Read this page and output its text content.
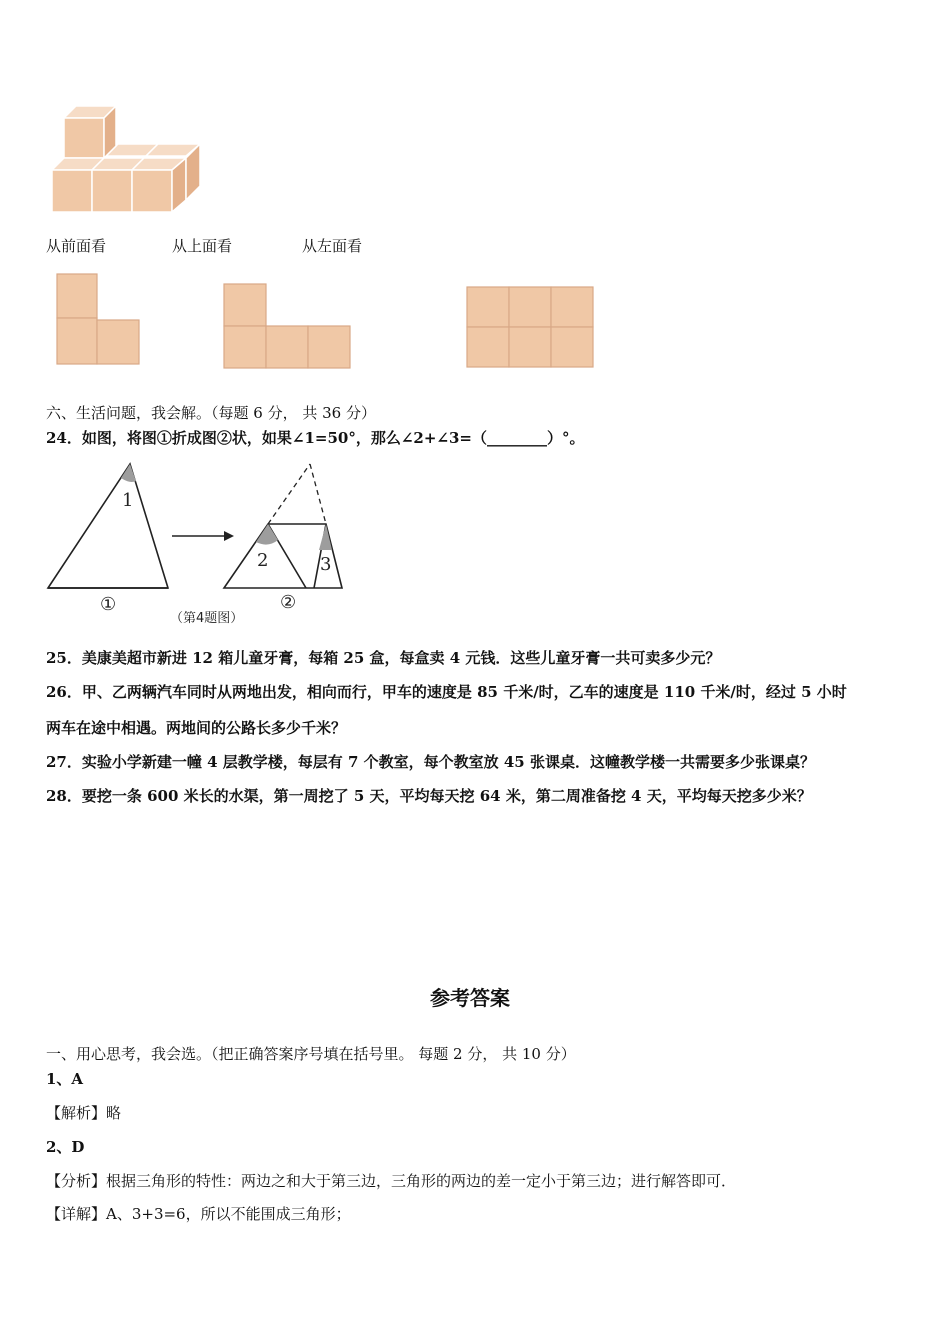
从前面看	从上面看	从左面看
六、生活问题，我会解。（每题 6 分， 共 36 分）
24．如图，将图①折成图②状，如果∠1=50°，那么∠2+∠3=（________）°。
1
①
2	3
②
（第4题图）
25．美康美超市新进 12 箱儿童牙膏，每箱 25 盒，每盒卖 4 元钱．这些儿童牙膏一共可卖多少元？
26．甲、乙两辆汽车同时从两地出发，相向而行，甲车的速度是 85 千米/时，乙车的速度是 110 千米/时，经过 5 小时
两车在途中相遇。两地间的公路长多少千米？
27．实验小学新建一幢 4 层教学楼，每层有 7 个教室，每个教室放 45 张课桌．这幢教学楼一共需要多少张课桌？
28．要挖一条 600 米长的水渠，第一周挖了 5 天，平均每天挖 64 米，第二周准备挖 4 天，平均每天挖多少米？
参考答案
一、用心思考，我会选。（把正确答案序号填在括号里。 每题 2 分， 共 10 分）
1、A
【解析】略
2、D
【分析】根据三角形的特性：两边之和大于第三边，三角形的两边的差一定小于第三边；进行解答即可．
【详解】A、3+3=6，所以不能围成三角形；
